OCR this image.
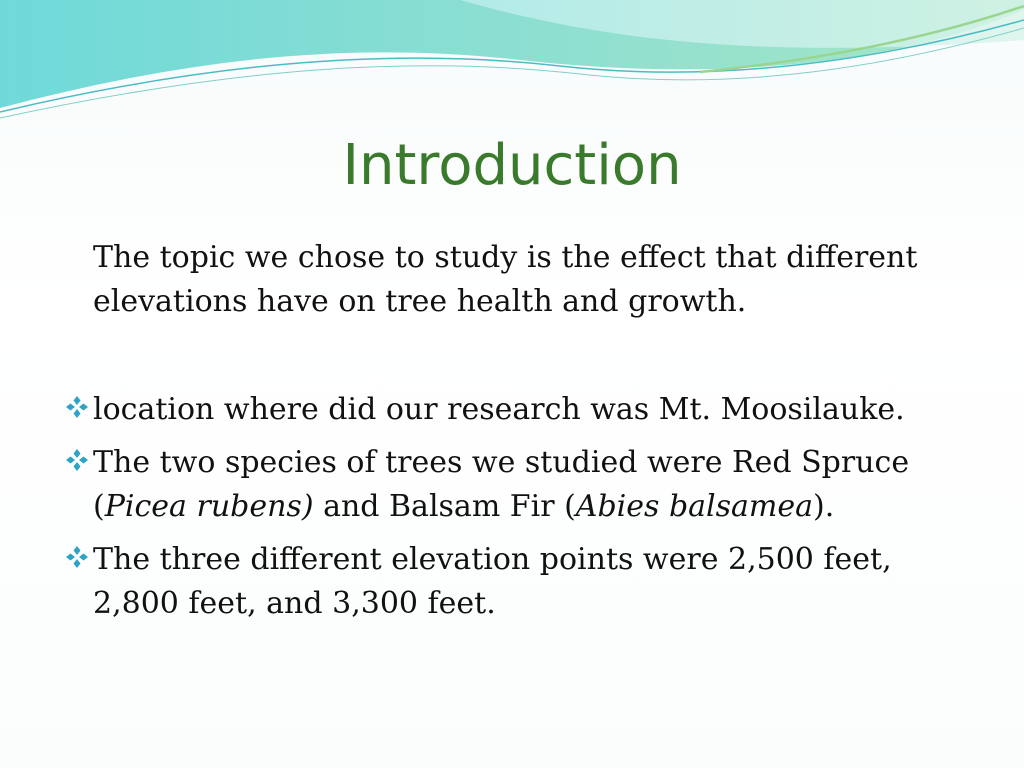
Introduction
The topic we chose to study is the effect that different elevations have on tree health and growth.
location where did our research was Mt. Moosilauke.
The two species of trees we studied were Red Spruce (Picea rubens) and Balsam Fir (Abies balsamea).
The three different elevation points were 2,500 feet, 2,800 feet, and 3,300 feet.
